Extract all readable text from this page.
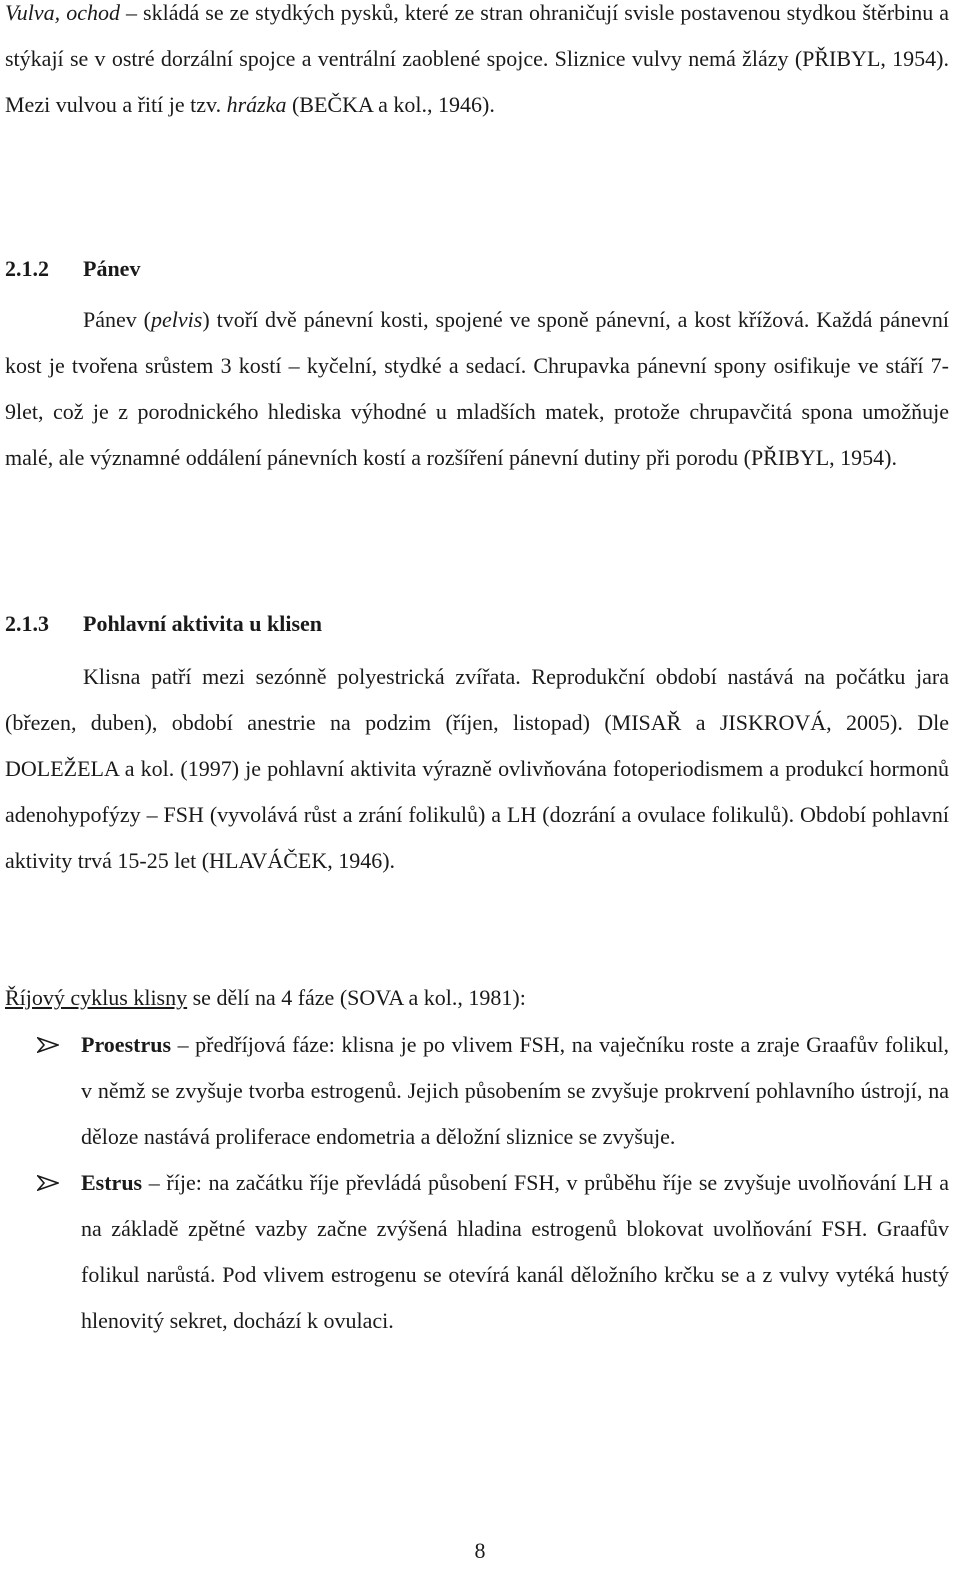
Vulva, ochod – skládá se ze stydkých pysků, které ze stran ohraničují svisle postavenou stydkou štěrbinu a stýkají se v ostré dorzální spojce a ventrální zaoblené spojce. Sliznice vulvy nemá žlázy (PŘIBYL, 1954). Mezi vulvou a řití je tzv. hrázka (BEČKA a kol., 1946).

2.1.2 Pánev

Pánev (pelvis) tvoří dvě pánevní kosti, spojené ve sponě pánevní, a kost křížová. Každá pánevní kost je tvořena srůstem 3 kostí – kyčelní, stydké a sedací. Chrupavka pánevní spony osifikuje ve stáří 7-9let, což je z porodnického hlediska výhodné u mladších matek, protože chrupavčitá spona umožňuje malé, ale významné oddálení pánevních kostí a rozšíření pánevní dutiny při porodu (PŘIBYL, 1954).

2.1.3 Pohlavní aktivita u klisen

Klisna patří mezi sezónně polyestrická zvířata. Reprodukční období nastává na počátku jara (březen, duben), období anestrie na podzim (říjen, listopad) (MISAŘ a JISKROVÁ, 2005). Dle DOLEŽELA a kol. (1997) je pohlavní aktivita výrazně ovlivňována fotoperiodismem a produkcí hormonů adenohypofýzy – FSH (vyvolává růst a zrání folikulů) a LH (dozrání a ovulace folikulů). Období pohlavní aktivity trvá 15-25 let (HLAVÁČEK, 1946).

Říjový cyklus klisny se dělí na 4 fáze (SOVA a kol., 1981):

Proestrus – předříjová fáze: klisna je po vlivem FSH, na vaječníku roste a zraje Graafův folikul, v němž se zvyšuje tvorba estrogenů. Jejich působením se zvyšuje prokrvení pohlavního ústrojí, na děloze nastává proliferace endometria a děložní sliznice se zvyšuje.
Estrus – říje: na začátku říje převládá působení FSH, v průběhu říje se zvyšuje uvolňování LH a na základě zpětné vazby začne zvýšená hladina estrogenů blokovat uvolňování FSH. Graafův folikul narůstá. Pod vlivem estrogenu se otevírá kanál děložního krčku se a z vulvy vytéká hustý hlenovitý sekret, dochází k ovulaci.
8
